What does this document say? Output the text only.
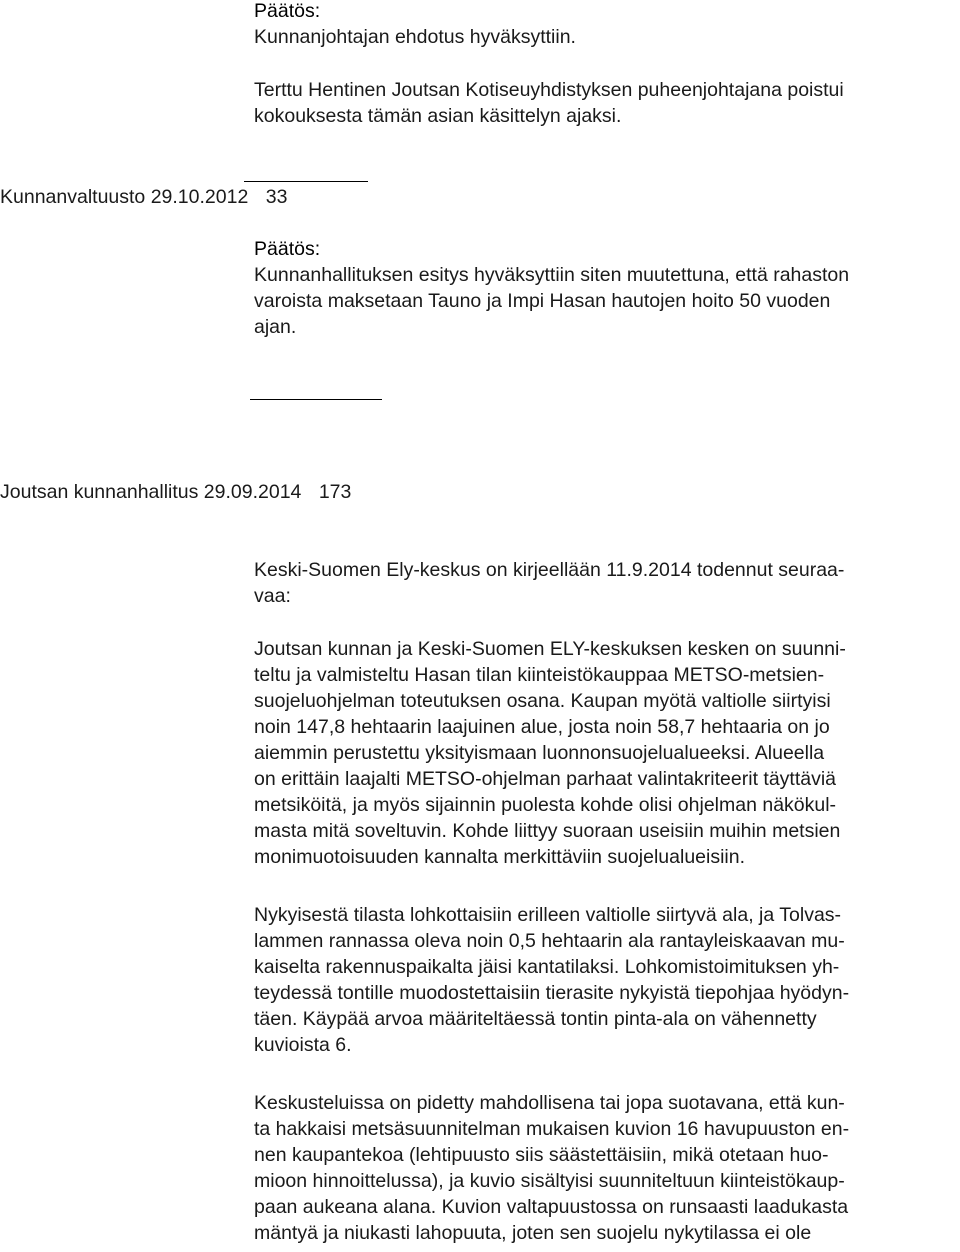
Päätös:
Kunnanjohtajan ehdotus hyväksyttiin.
Terttu Hentinen Joutsan Kotiseuyhdistyksen puheenjohtajana poistui
kokouksesta tämän asian käsittelyn ajaksi.
Kunnanvaltuusto 29.10.2012 33
Päätös:
Kunnanhallituksen esitys hyväksyttiin siten muutettuna, että rahaston
varoista maksetaan Tauno ja Impi Hasan hautojen hoito 50 vuoden
ajan.
Joutsan kunnanhallitus 29.09.2014 173
Keski-Suomen Ely-keskus on kirjeellään 11.9.2014 todennut seuraa-
vaa:
Joutsan kunnan ja Keski-Suomen ELY-keskuksen kesken on suunni-
teltu ja valmisteltu Hasan tilan kiinteistökauppaa METSO-metsien-
suojeluohjelman toteutuksen osana. Kaupan myötä valtiolle siirtyisi
noin 147,8 hehtaarin laajuinen alue, josta noin 58,7 hehtaaria on jo
aiemmin perustettu yksityismaan luonnonsuojelualueeksi. Alueella
on erittäin laajalti METSO-ohjelman parhaat valintakriteerit täyttäviä
metsiköitä, ja myös sijainnin puolesta kohde olisi ohjelman näkökul-
masta mitä soveltuvin. Kohde liittyy suoraan useisiin muihin metsien
monimuotoisuuden kannalta merkittäviin suojelualueisiin.
Nykyisestä tilasta lohkottaisiin erilleen valtiolle siirtyvä ala, ja Tolvas-
lammen rannassa oleva noin 0,5 hehtaarin ala rantayleiskaavan mu-
kaiselta rakennuspaikalta jäisi kantatilaksi. Lohkomistoimituksen yh-
teydessä tontille muodostettaisiin tierasite nykyistä tiepohjaa hyödyn-
täen. Käypää arvoa määriteltäessä tontin pinta-ala on vähennetty
kuvioista 6.
Keskusteluissa on pidetty mahdollisena tai jopa suotavana, että kun-
ta hakkaisi metsäsuunnitelman mukaisen kuvion 16 havupuuston en-
nen kaupantekoa (lehtipuusto siis säästettäisiin, mikä otetaan huo-
mioon hinnoittelussa), ja kuvio sisältyisi suunniteltuun kiinteistökaup-
paan aukeana alana. Kuvion valtapuustossa on runsaasti laadukasta
mäntyä ja niukasti lahopuuta, joten sen suojelu nykytilassa ei ole
